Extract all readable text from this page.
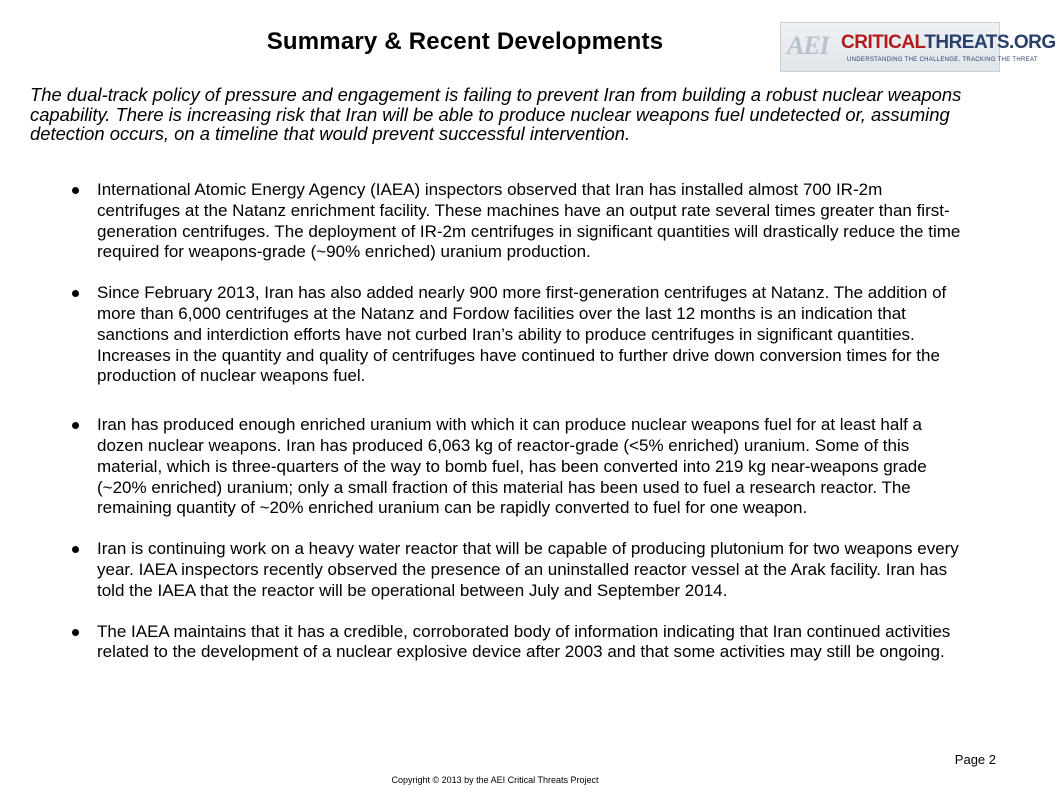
Summary & Recent Developments	AEI CRITICALTHREATS.ORG
UNDERSTANDING THE CHALLENGE. TRACKING THE THREAT
The dual-track policy of pressure and engagement is failing to prevent Iran from building a robust nuclear weapons capability. There is increasing risk that Iran will be able to produce nuclear weapons fuel undetected or, assuming detection occurs, on a timeline that would prevent successful intervention.
International Atomic Energy Agency (IAEA) inspectors observed that Iran has installed almost 700 IR-2m centrifuges at the Natanz enrichment facility. These machines have an output rate several times greater than first-generation centrifuges. The deployment of IR-2m centrifuges in significant quantities will drastically reduce the time required for weapons-grade (~90% enriched) uranium production.
Since February 2013, Iran has also added nearly 900 more first-generation centrifuges at Natanz. The addition of more than 6,000 centrifuges at the Natanz and Fordow facilities over the last 12 months is an indication that sanctions and interdiction efforts have not curbed Iran’s ability to produce centrifuges in significant quantities. Increases in the quantity and quality of centrifuges have continued to further drive down conversion times for the production of nuclear weapons fuel.
Iran has produced enough enriched uranium with which it can produce nuclear weapons fuel for at least half a dozen nuclear weapons. Iran has produced 6,063 kg of reactor-grade (<5% enriched) uranium. Some of this material, which is three-quarters of the way to bomb fuel, has been converted into 219 kg near-weapons grade (~20% enriched) uranium; only a small fraction of this material has been used to fuel a research reactor. The remaining quantity of ~20% enriched uranium can be rapidly converted to fuel for one weapon.
Iran is continuing work on a heavy water reactor that will be capable of producing plutonium for two weapons every year. IAEA inspectors recently observed the presence of an uninstalled reactor vessel at the Arak facility. Iran has told the IAEA that the reactor will be operational between July and September 2014.
The IAEA maintains that it has a credible, corroborated body of information indicating that Iran continued activities related to the development of a nuclear explosive device after 2003 and that some activities may still be ongoing.
Page 2
Copyright © 2013 by the AEI Critical Threats Project
